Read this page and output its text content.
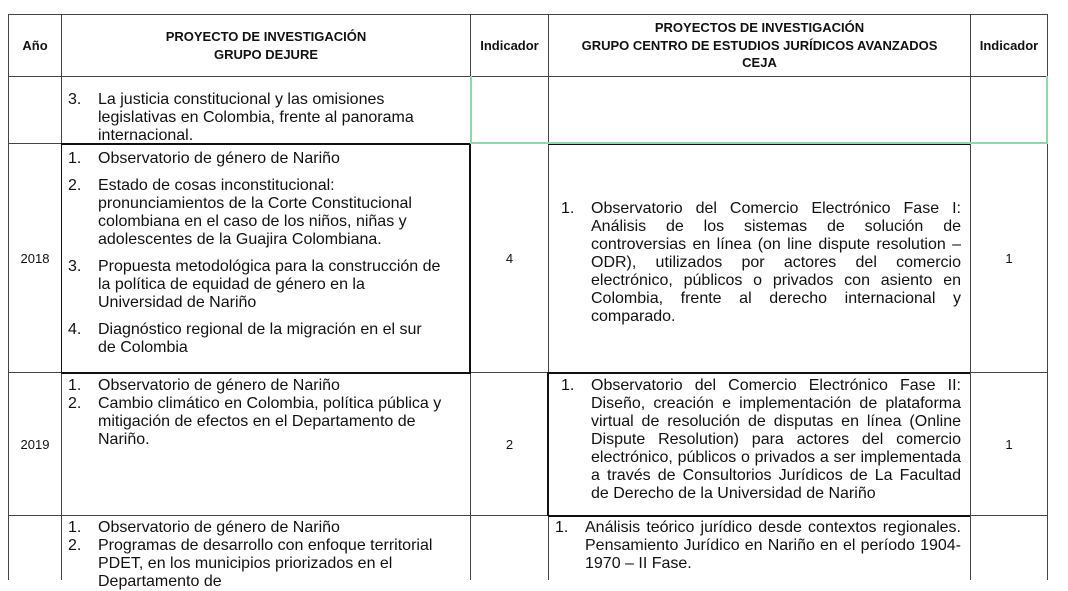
Año
PROYECTO DE INVESTIGACIÓN
GRUPO DEJURE
Indicador
PROYECTOS DE INVESTIGACIÓN
GRUPO CENTRO DE ESTUDIOS JURÍDICOS AVANZADOS
CEJA
Indicador
3. La justicia constitucional y las omisiones legislativas en Colombia, frente al panorama internacional.
2018
1. Observatorio de género de Nariño
2. Estado de cosas inconstitucional: pronunciamientos de la Corte Constitucional colombiana en el caso de los niños, niñas y adolescentes de la Guajira Colombiana.
3. Propuesta metodológica para la construcción de la política de equidad de género en la Universidad de Nariño
4. Diagnóstico regional de la migración en el sur de Colombia
4
1. Observatorio del Comercio Electrónico Fase I: Análisis de los sistemas de solución de controversias en línea (on line dispute resolution – ODR), utilizados por actores del comercio electrónico, públicos o privados con asiento en Colombia, frente al derecho internacional y comparado.
1
2019
1. Observatorio de género de Nariño
2. Cambio climático en Colombia, política pública y mitigación de efectos en el Departamento de Nariño.	2
1. Observatorio del Comercio Electrónico Fase II: Diseño, creación e implementación de plataforma virtual de resolución de disputas en línea (Online Dispute Resolution) para actores del comercio electrónico, públicos o privados a ser implementada a través de Consultorios Jurídicos de La Facultad de Derecho de la Universidad de Nariño
1
1. Observatorio de género de Nariño
2. Programas de desarrollo con enfoque territorial PDET, en los municipios priorizados en el Departamento de
1. Análisis teórico jurídico desde contextos regionales. Pensamiento Jurídico en Nariño en el período 1904-1970 – II Fase.
